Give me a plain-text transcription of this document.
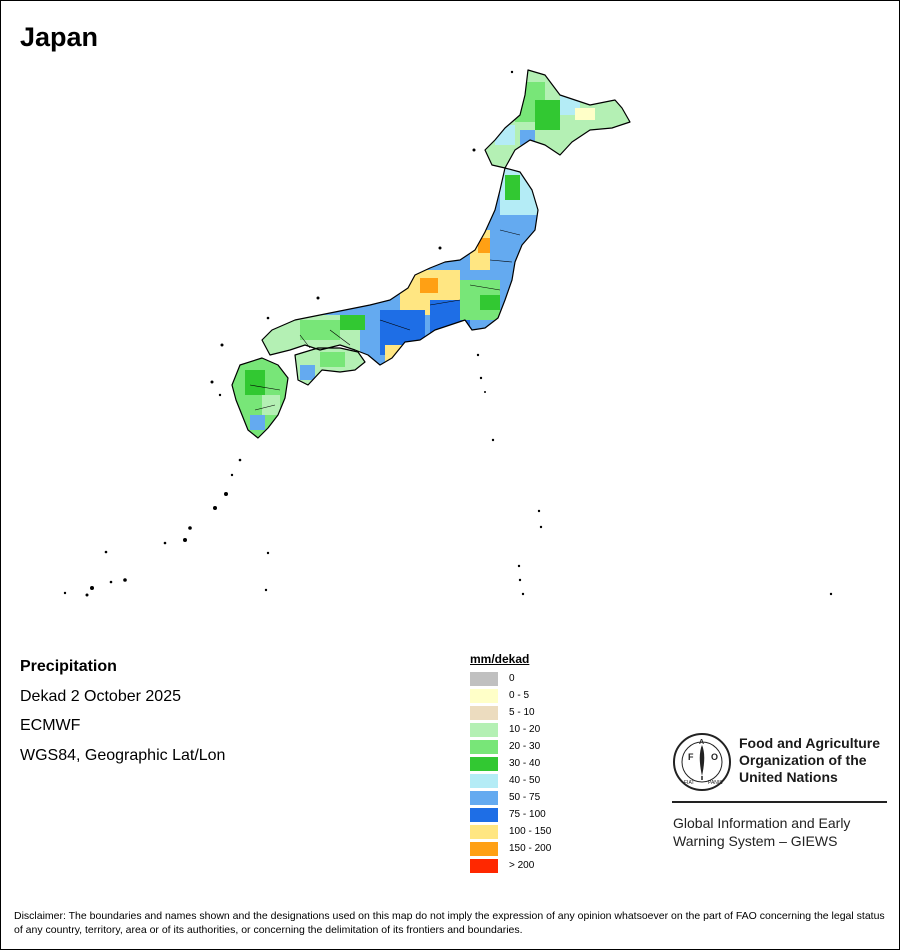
Japan
Precipitation
Dekad 2 October 2025
ECMWF
WGS84, Geographic Lat/Lon
mm/dekad
0
0 - 5
5 - 10
10 - 20
20 - 30
30 - 40
40 - 50
50 - 75
75 - 100
100 - 150
150 - 200
> 200
F O
A
FIAT	PANIS
Food and Agriculture
Organization of the
United Nations
Global Information and Early
Warning System – GIEWS
Disclaimer: The boundaries and names shown and the designations used on this map do not imply the expression of any opinion whatsoever on the part of FAO concerning the legal status of any country, territory, area or of its authorities, or concerning the delimitation of its frontiers and boundaries.
